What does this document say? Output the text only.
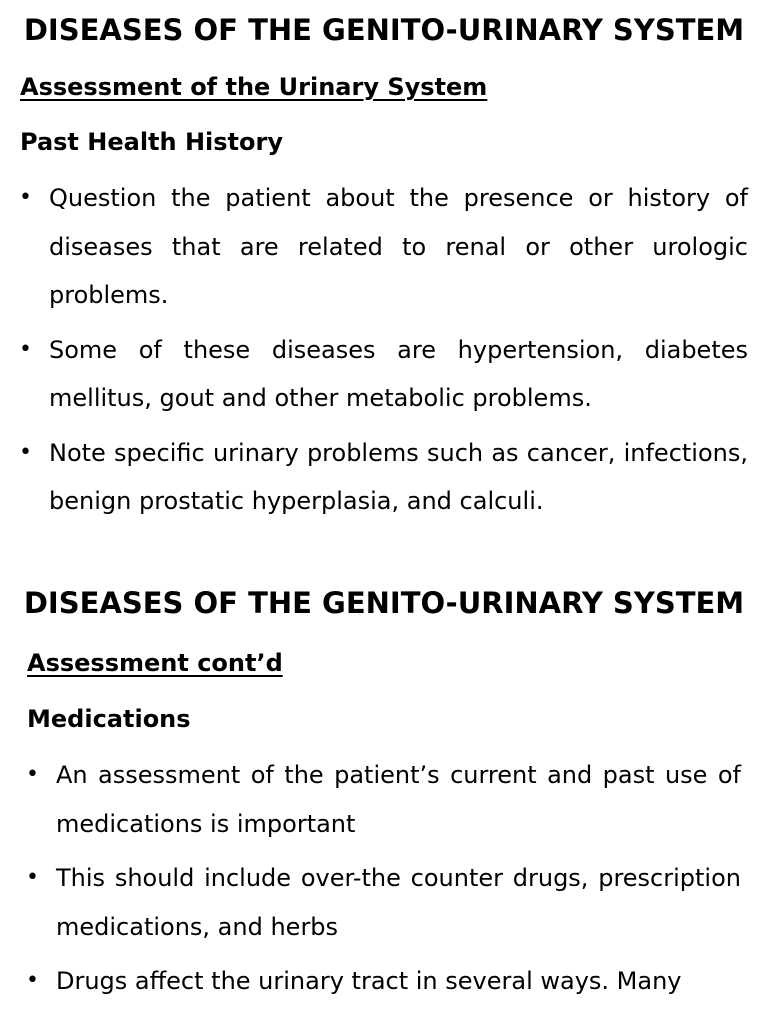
DISEASES OF THE GENITO-URINARY SYSTEM
Assessment of the Urinary System
Past Health History
• Question the patient about the presence or history of diseases that are related to renal or other urologic problems.
• Some of these diseases are hypertension, diabetes mellitus, gout and other metabolic problems.
• Note specific urinary problems such as cancer, infections, benign prostatic hyperplasia, and calculi.
DISEASES OF THE GENITO-URINARY SYSTEM
Assessment cont’d
Medications
• An assessment of the patient’s current and past use of medications is important
• This should include over-the counter drugs, prescription medications, and herbs
• Drugs affect the urinary tract in several ways. Many
